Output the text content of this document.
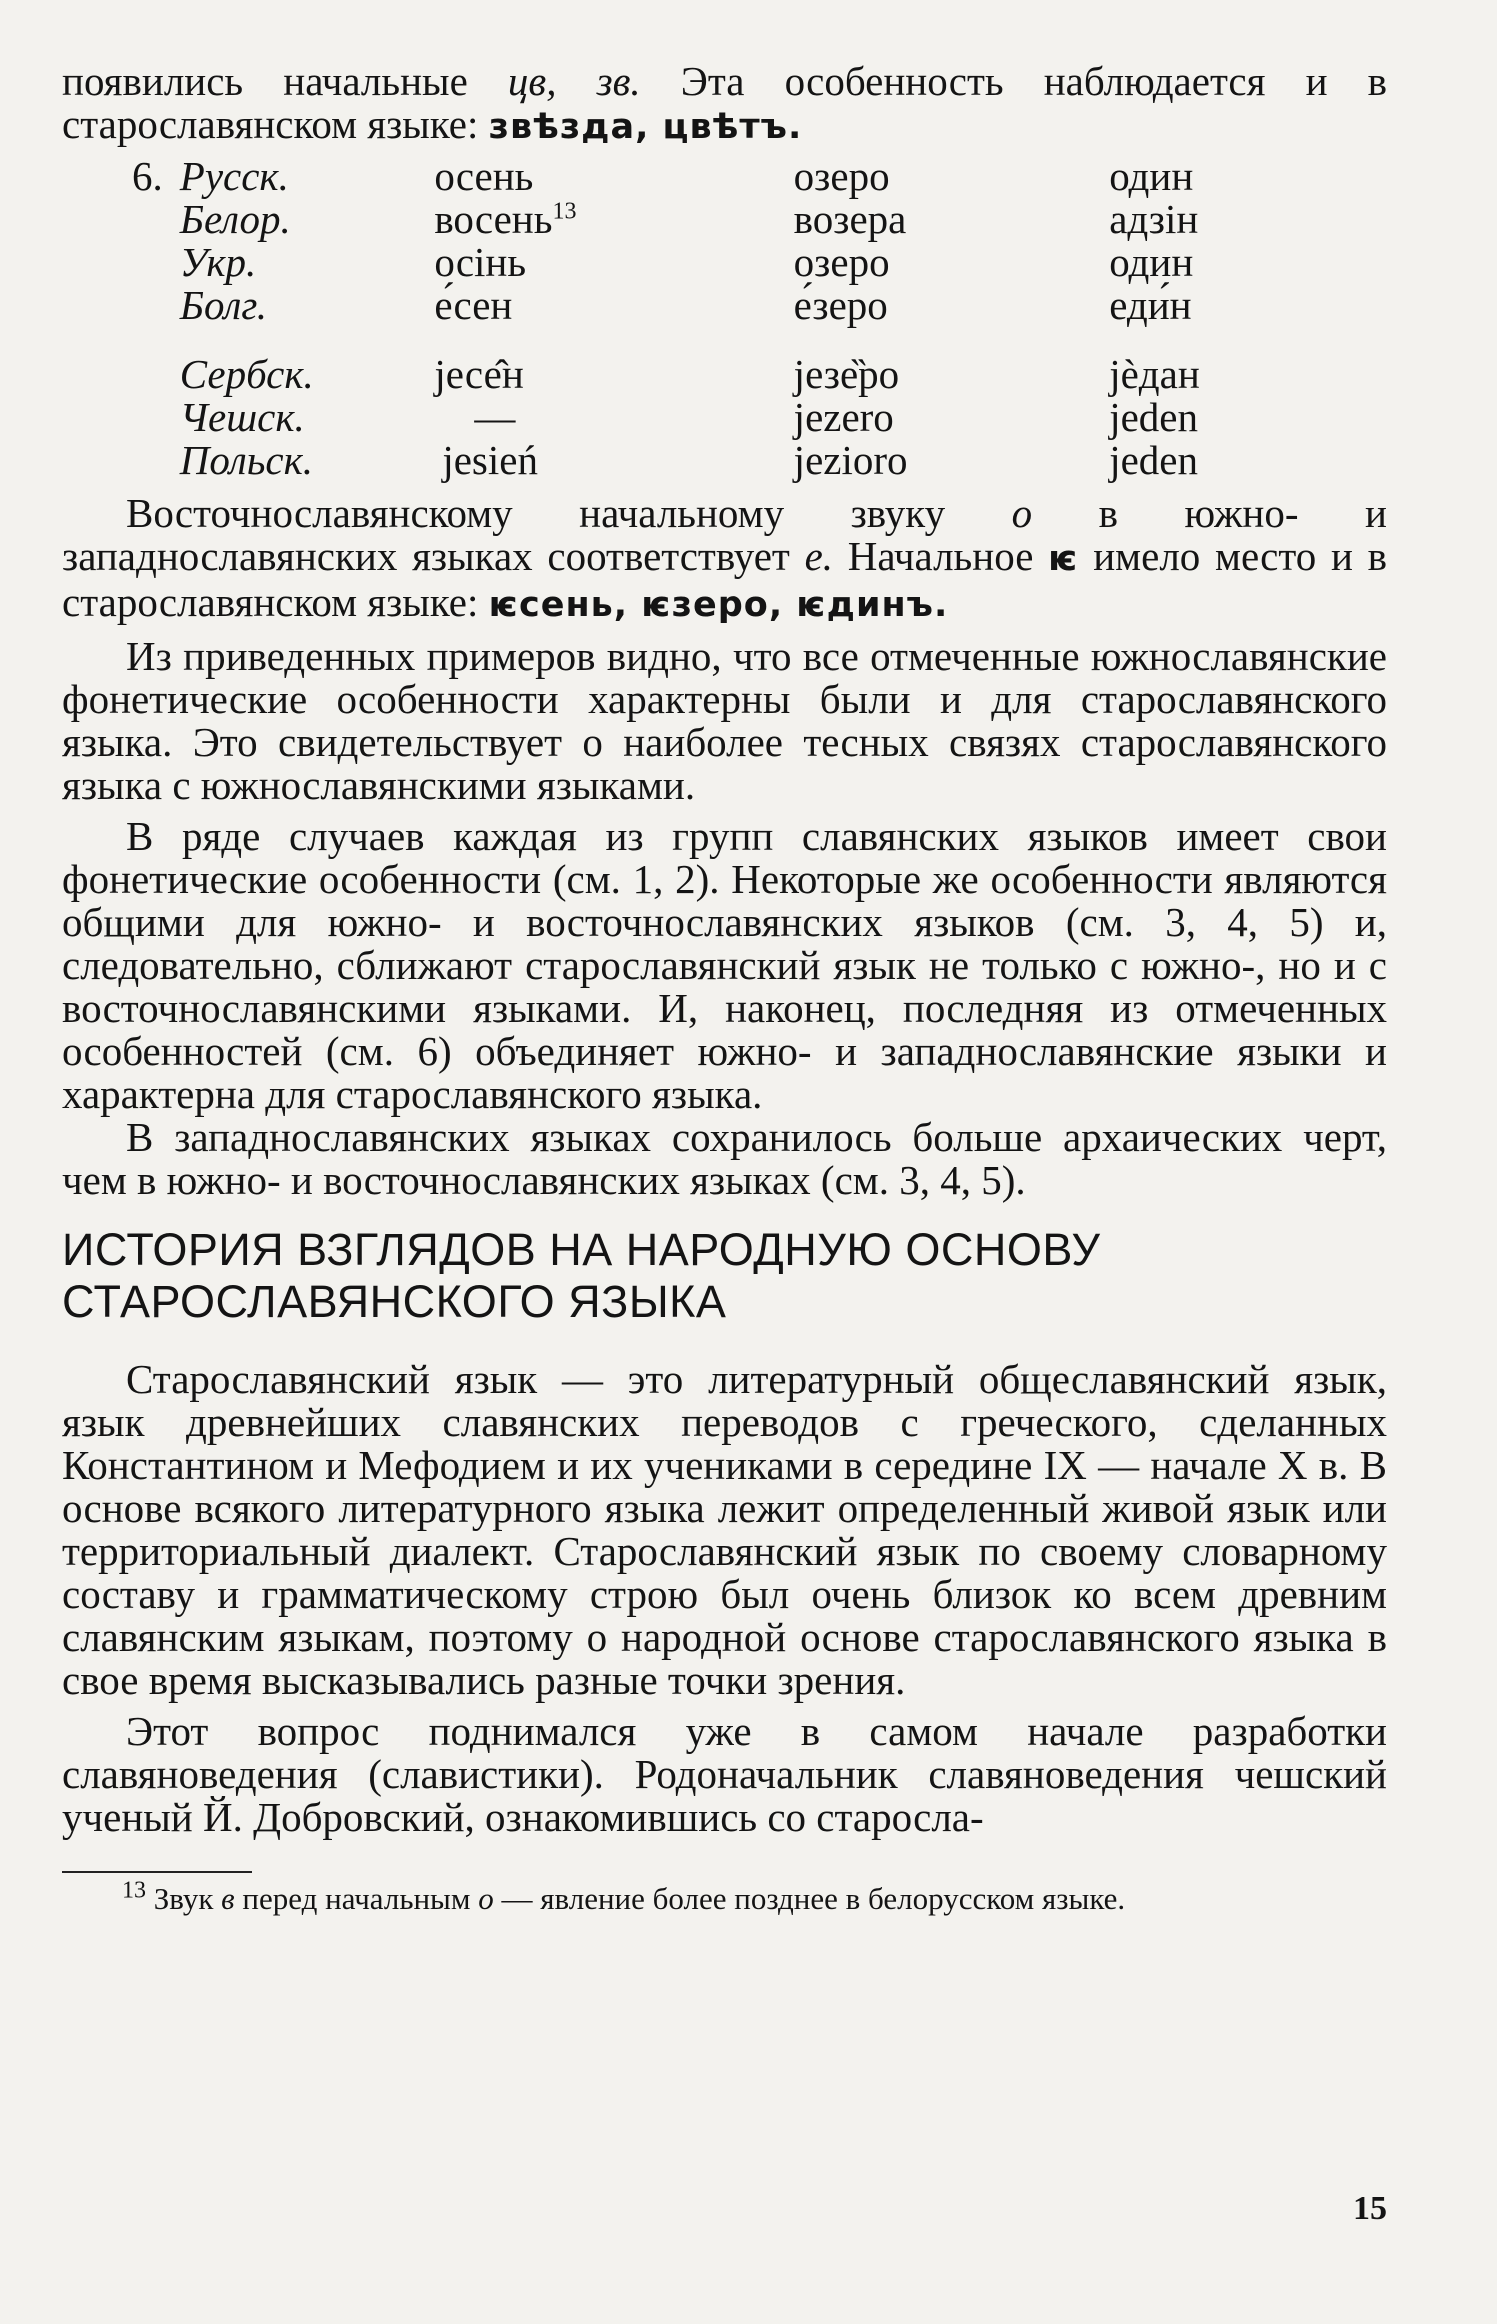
появились начальные цв, зв. Эта особенность наблюдается и в старославянском языке: звѣзда, цвѣтъ.

6.	Русск.	осень	озеро	один
	Белор.	восень$^{13}$	возера	адзін
	Укр.	осінь	озеро	один
	Болг.	е́сен	е́зеро	еди́н

	Сербск.	jесе̂н	jезе̏ро	jѐдан
	Чешск.	—	jezero	jeden
	Польск.	jesień	jezioro	jeden

Восточнославянскому начальному звуку о в южно- и западнославянских языках соответствует е. Начальное ѥ имело место и в старославянском языке: ѥсень, ѥзеро, ѥдинъ.

Из приведенных примеров видно, что все отмеченные южнославянские фонетические особенности характерны были и для старославянского языка. Это свидетельствует о наиболее тесных связях старославянского языка с южнославянскими языками.

В ряде случаев каждая из групп славянских языков имеет свои фонетические особенности (см. 1, 2). Некоторые же особенности являются общими для южно- и восточнославянских языков (см. 3, 4, 5) и, следовательно, сближают старославянский язык не только с южно-, но и с восточнославянскими языками. И, наконец, последняя из отмеченных особенностей (см. 6) объединяет южно- и западнославянские языки и характерна для старославянского языка.

В западнославянских языках сохранилось больше архаических черт, чем в южно- и восточнославянских языках (см. 3, 4, 5).

ИСТОРИЯ ВЗГЛЯДОВ НА НАРОДНУЮ ОСНОВУ
СТАРОСЛАВЯНСКОГО ЯЗЫКА

Старославянский язык — это литературный общеславянский язык, язык древнейших славянских переводов с греческого, сделанных Константином и Мефодием и их учениками в середине IX — начале X в. В основе всякого литературного языка лежит определенный живой язык или территориальный диалект. Старославянский язык по своему словарному составу и грамматическому строю был очень близок ко всем древним славянским языкам, поэтому о народной основе старославянского языка в свое время высказывались разные точки зрения.

Этот вопрос поднимался уже в самом начале разработки славяноведения (славистики). Родоначальник славяноведения чешский ученый Й. Добровский, ознакомившись со старосла-

$^{13}$ Звук в перед начальным о — явление более позднее в белорусском языке.

15
